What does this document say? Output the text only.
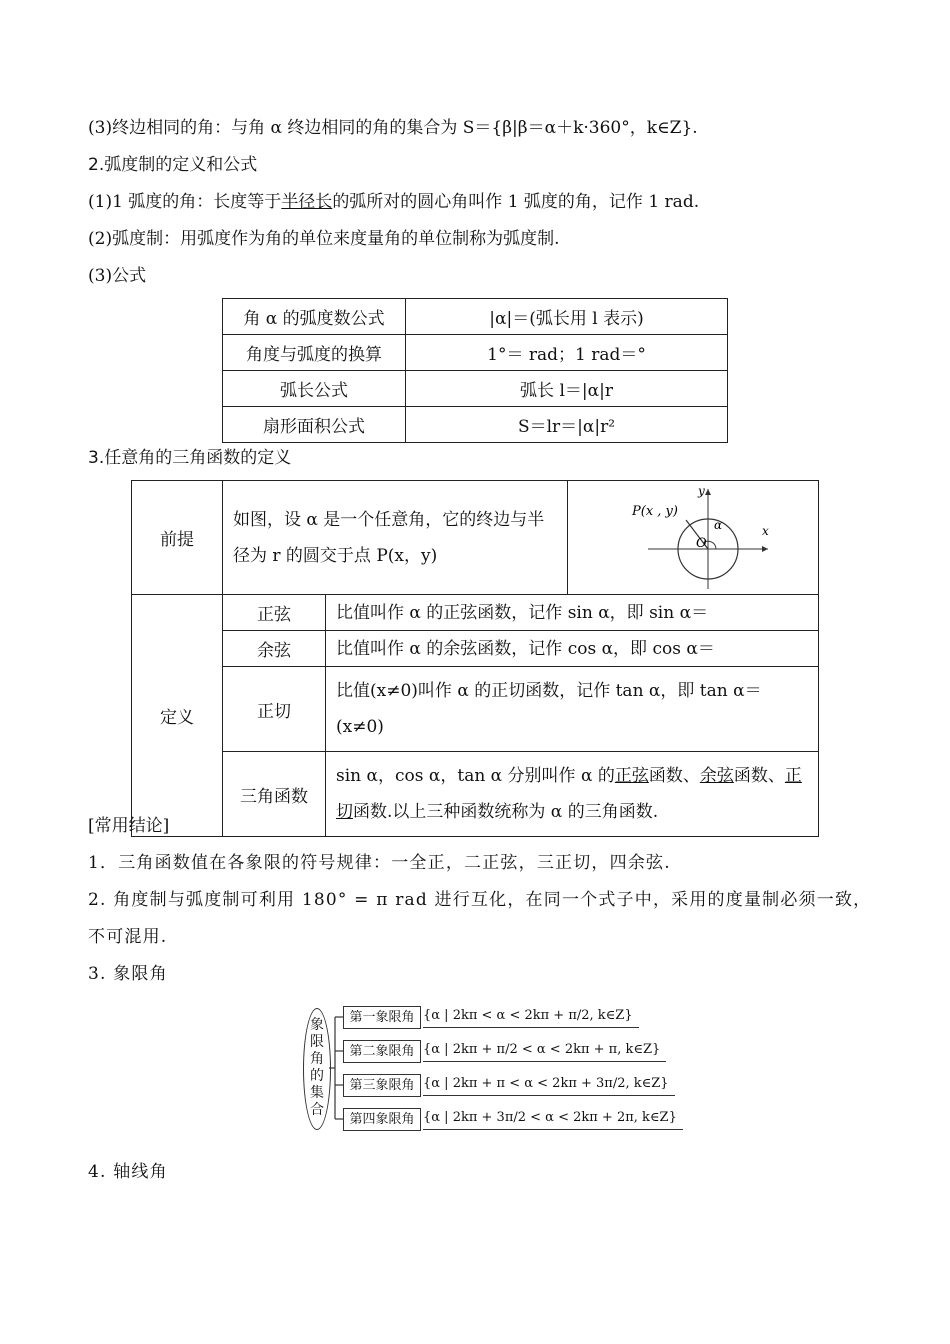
(3)终边相同的角：与角 α 终边相同的角的集合为 S＝{β|β＝α＋k·360°，k∈Z}.
2.弧度制的定义和公式
(1)1 弧度的角：长度等于半径长的弧所对的圆心角叫作 1 弧度的角，记作 1 rad.
(2)弧度制：用弧度作为角的单位来度量角的单位制称为弧度制.
(3)公式
角 α 的弧度数公式	|α|＝(弧长用 l 表示)
角度与弧度的换算	1°＝ rad；1 rad＝°
弧长公式	弧长 l＝|α|r
扇形面积公式	S＝lr＝|α|r²
3.任意角的三角函数的定义
前提	如图，设 α 是一个任意角，它的终边与半径为 r 的圆交于点 P(x，y)		P(x , y)
x
y
O
α

定义	正弦	比值叫作 α 的正弦函数，记作 sin α，即 sin α＝	
	余弦	比值叫作 α 的余弦函数，记作 cos α，即 cos α＝	
	正切	比值(x≠0)叫作 α 的正切函数，记作 tan α，即 tan α＝(x≠0)	
	三角函数	sin α，cos α，tan α 分别叫作 α 的正弦函数、余弦函数、正切函数.以上三种函数统称为 α 的三角函数.	
[常用结论]
1．三角函数值在各象限的符号规律：一全正，二正弦，三正切，四余弦.
2. 角度制与弧度制可利用 180° = π rad 进行互化，在同一个式子中，采用的度量制必须一致，
不可混用.
3. 象限角
象限角的集合
第一象限角 {α | 2kπ < α < 2kπ + π/2, k∈Z}
第二象限角 {α | 2kπ + π/2 < α < 2kπ + π, k∈Z}
第三象限角 {α | 2kπ + π < α < 2kπ + 3π/2, k∈Z}
第四象限角 {α | 2kπ + 3π/2 < α < 2kπ + 2π, k∈Z}
4. 轴线角
